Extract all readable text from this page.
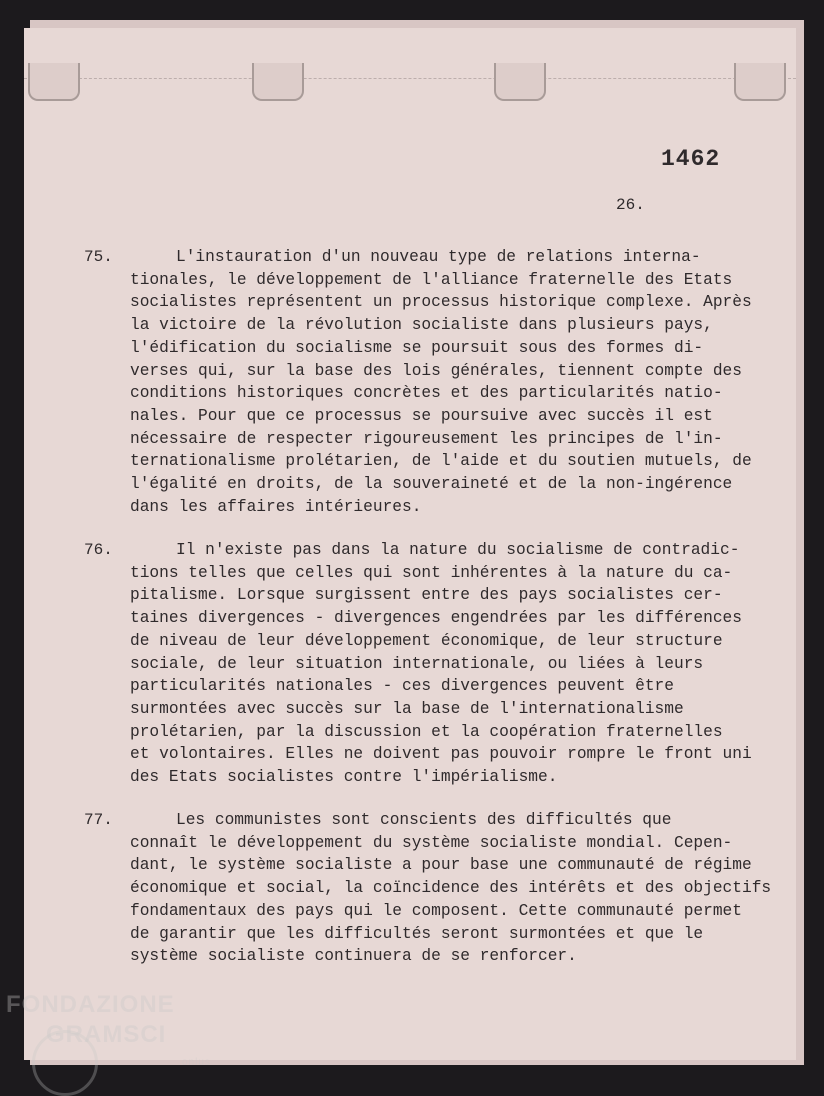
1462
26.
75.	L'instauration d'un nouveau type de relations interna-
tionales, le développement de l'alliance fraternelle des Etats
socialistes représentent un processus historique complexe. Après
la victoire de la révolution socialiste dans plusieurs pays,
l'édification du socialisme se poursuit sous des formes di-
verses qui, sur la base des lois générales, tiennent compte des
conditions historiques concrètes et des particularités natio-
nales. Pour que ce processus se poursuive avec succès il est
nécessaire de respecter rigoureusement les principes de l'in-
ternationalisme prolétarien, de l'aide et du soutien mutuels, de
l'égalité en droits, de la souveraineté et de la non-ingérence
dans les affaires intérieures.
76.	Il n'existe pas dans la nature du socialisme de contradic-
tions telles que celles qui sont inhérentes à la nature du ca-
pitalisme. Lorsque surgissent entre des pays socialistes cer-
taines divergences - divergences engendrées par les différences
de niveau de leur développement économique, de leur structure
sociale, de leur situation internationale, ou liées à leurs
particularités nationales - ces divergences peuvent être
surmontées avec succès sur la base de l'internationalisme
prolétarien, par la discussion et la coopération fraternelles
et volontaires. Elles ne doivent pas pouvoir rompre le front uni
des Etats socialistes contre l'impérialisme.
77.	Les communistes sont conscients des difficultés que
connaît le développement du système socialiste mondial. Cepen-
dant, le système socialiste a pour base une communauté de régime
économique et social, la coïncidence des intérêts et des objectifs
fondamentaux des pays qui le composent. Cette communauté permet
de garantir que les difficultés seront surmontées et que le
système socialiste continuera de se renforcer.
FONDAZIONE
GRAMSCI
onlus
